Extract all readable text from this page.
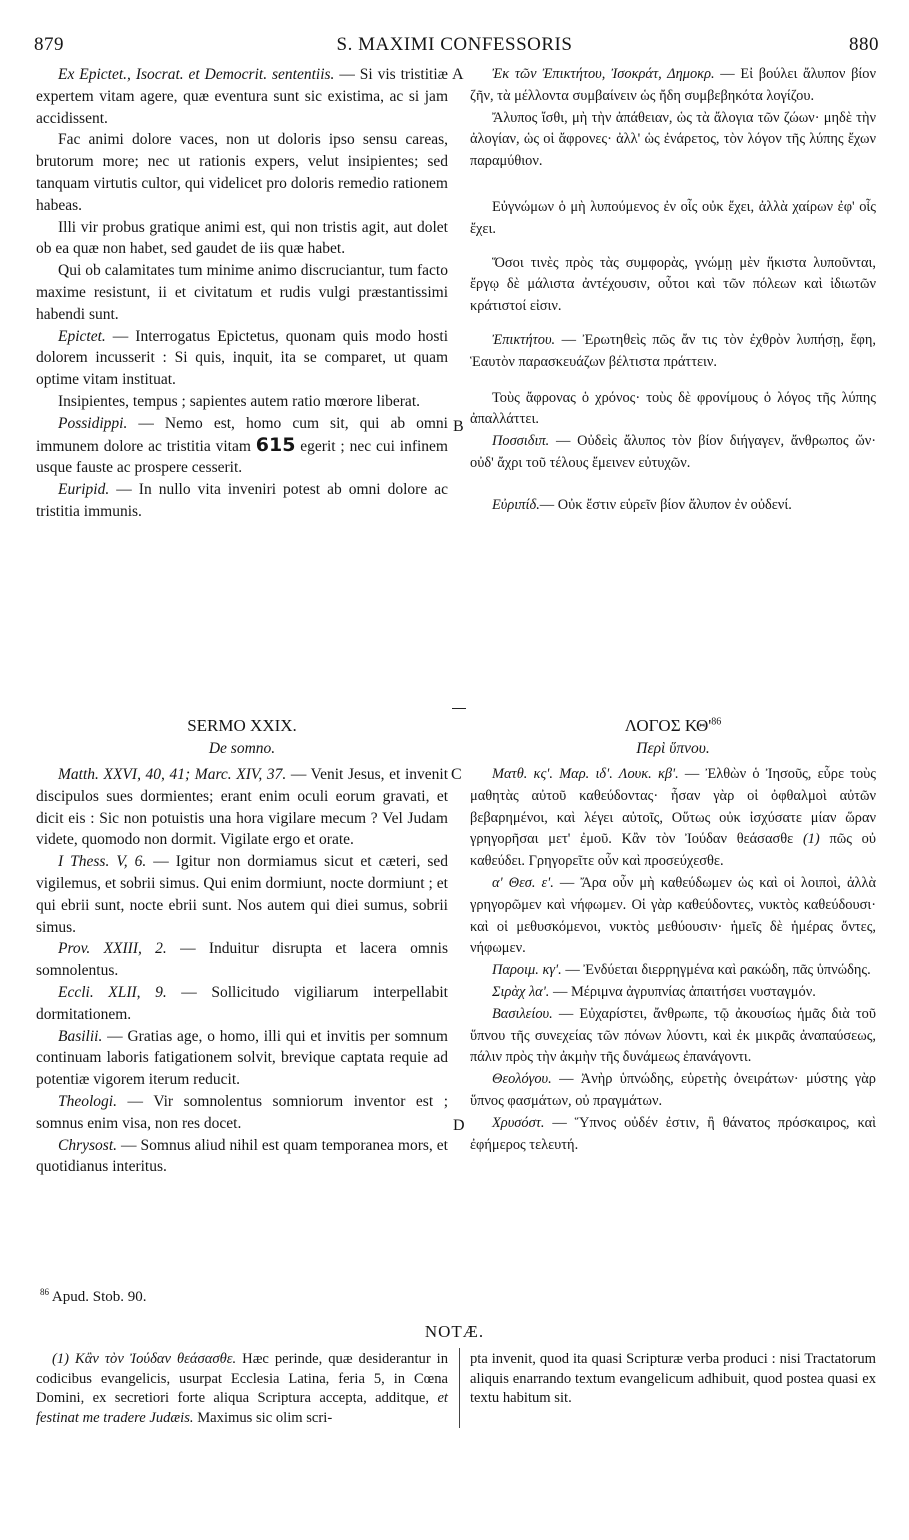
S. MAXIMI CONFESSORIS
879	880
A
B
C
D

Ex Epictet., Isocrat. et Democrit. sententiis. — Si vis tristitiæ expertem vitam agere, quæ eventura sunt sic existima, ac si jam accidissent.

Fac animi dolore vaces, non ut doloris ipso sensu careas, brutorum more; nec ut rationis expers, velut insipientes; sed tanquam virtutis cultor, qui videlicet pro doloris remedio rationem habeas.

Illi vir probus gratique animi est, qui non tristis agit, aut dolet ob ea quæ non habet, sed gaudet de iis quæ habet.

Qui ob calamitates tum minime animo discruciantur, tum facto maxime resistunt, ii et civitatum et rudis vulgi præstantissimi habendi sunt.

Epictet. — Interrogatus Epictetus, quonam quis modo hosti dolorem incusserit : Si quis, inquit, ita se comparet, ut quam optime vitam instituat.

Insipientes, tempus ; sapientes autem ratio mœrore liberat.

Possidippi. — Nemo est, homo cum sit, qui ab omni immunem dolore ac tristitia vitam 615 egerit ; nec cui infinem usque fauste ac prospere cesserit.

Euripid. — In nullo vita inveniri potest ab omni dolore ac tristitia immunis.

Ἐκ τῶν Ἐπικτήτου, Ἰσοκράτ, Δημοκρ. — Εἰ βούλει ἄλυπον βίον ζῆν, τὰ μέλλοντα συμβαίνειν ὡς ἤδη συμβεβηκότα λογίζου.

Ἄλυπος ἴσθι, μὴ τὴν ἀπάθειαν, ὡς τὰ ἄλογια τῶν ζώων· μηδὲ τὴν ἀλογίαν, ὡς οἱ ἄφρονες· ἀλλ' ὡς ἐνάρετος, τὸν λόγον τῆς λύπης ἔχων παραμύθιον.

Εὐγνώμων ὁ μὴ λυπούμενος ἐν οἷς οὐκ ἔχει, ἀλλὰ χαίρων ἐφ' οἷς ἔχει.

Ὅσοι τινὲς πρὸς τὰς συμφορὰς, γνώμῃ μὲν ἥκιστα λυποῦνται, ἔργῳ δὲ μάλιστα ἀντέχουσιν, οὗτοι καὶ τῶν πόλεων καὶ ἰδιωτῶν κράτιστοί εἰσιν.

Ἐπικτήτου. — Ἐρωτηθεὶς πῶς ἄν τις τὸν ἐχθρὸν λυπήσῃ, ἔφη, Ἑαυτὸν παρασκευάζων βέλτιστα πράττειν.

Τοὺς ἄφρονας ὁ χρόνος· τοὺς δὲ φρονίμους ὁ λόγος τῆς λύπης ἀπαλλάττει.

Ποσσιδιπ. — Οὐδεὶς ἄλυπος τὸν βίον διήγαγεν, ἄνθρωπος ὤν· οὐδ' ἄχρι τοῦ τέλους ἔμεινεν εὐτυχῶν.

Εὐριπίδ.— Οὐκ ἔστιν εὑρεῖν βίον ἄλυπον ἐν οὐδενί.

SERMO XXIX.
De somno.
ΛΟΓΟΣ $K\Theta'^{86}$
Περὶ ὕπνου.

Matth. XXVI, 40, 41; Marc. XIV, 37. — Venit Jesus, et invenit discipulos sues dormientes; erant enim oculi eorum gravati, et dicit eis : Sic non potuistis una hora vigilare mecum ? Vel Judam videte, quomodo non dormit. Vigilate ergo et orate.

I Thess. V, 6. — Igitur non dormiamus sicut et cæteri, sed vigilemus, et sobrii simus. Qui enim dormiunt, nocte dormiunt ; et qui ebrii sunt, nocte ebrii sunt. Nos autem qui diei sumus, sobrii simus.

Prov. XXIII, 2. — Induitur disrupta et lacera omnis somnolentus.

Eccli. XLII, 9. — Sollicitudo vigiliarum interpellabit dormitationem.

Basilii. — Gratias age, o homo, illi qui et invitis per somnum continuam laboris fatigationem solvit, brevique captata requie ad potentiæ vigorem iterum reducit.

Theologi. — Vir somnolentus somniorum inventor est ; somnus enim visa, non res docet.

Chrysost. — Somnus aliud nihil est quam temporanea mors, et quotidianus interitus.

Ματθ. κς'. Μαρ. ιδ'. Λουκ. κβ'. — Ἐλθὼν ὁ Ἰησοῦς, εὗρε τοὺς μαθητὰς αὐτοῦ καθεύδοντας· ἦσαν γὰρ οἱ ὀφθαλμοὶ αὐτῶν βεβαρημένοι, καὶ λέγει αὐτοῖς, Οὕτως οὐκ ἰσχύσατε μίαν ὥραν γρηγορῆσαι μετ' ἐμοῦ. Κἂν τὸν Ἰούδαν θεάσασθε (1) πῶς οὐ καθεύδει. Γρηγορεῖτε οὖν καὶ προσεύχεσθε.

α' Θεσ. ε'. — Ἄρα οὖν μὴ καθεύδωμεν ὡς καὶ οἱ λοιποὶ, ἀλλὰ γρηγορῶμεν καὶ νήφωμεν. Οἱ γὰρ καθεύδοντες, νυκτὸς καθεύδουσι· καὶ οἱ μεθυσκόμενοι, νυκτὸς μεθύουσιν· ἡμεῖς δὲ ἡμέρας ὄντες, νήφωμεν.

Παροιμ. κγ'. — Ἐνδύεται διερρηγμένα καὶ ρακώδη, πᾶς ὑπνώδης.

Σιρὰχ λα'. — Μέριμνα ἀγρυπνίας ἀπαιτήσει νυσταγμόν.

Βασιλείου. — Εὐχαρίστει, ἄνθρωπε, τῷ ἀκουσίως ἡμᾶς διὰ τοῦ ὕπνου τῆς συνεχείας τῶν πόνων λύοντι, καὶ ἐκ μικρᾶς ἀναπαύσεως, πάλιν πρὸς τὴν ἀκμὴν τῆς δυνάμεως ἐπανάγοντι.

Θεολόγου. — Ἀνὴρ ὑπνώδης, εὑρετὴς ὀνειράτων· μύστης γὰρ ὕπνος φασμάτων, οὐ πραγμάτων.

Χρυσόστ. — Ὕπνος οὐδέν ἐστιν, ἢ θάνατος πρόσκαιρος, καὶ ἐφήμερος τελευτή.

$^{86}$ Apud. Stob. 90.
NOTÆ.
(1) Κἂν τὸν Ἰούδαν θεάσασθε. Hæc perinde, quæ desiderantur in codicibus evangelicis, usurpat Ecclesia Latina, feria 5, in Cœna Domini, ex secretiori forte aliqua Scriptura accepta, additque, et festinat me tradere Judæis. Maximus sic olim scri-
pta invenit, quod ita quasi Scripturæ verba produci : nisi Tractatorum aliquis enarrando textum evangelicum adhibuit, quod postea quasi ex textu habitum sit.
